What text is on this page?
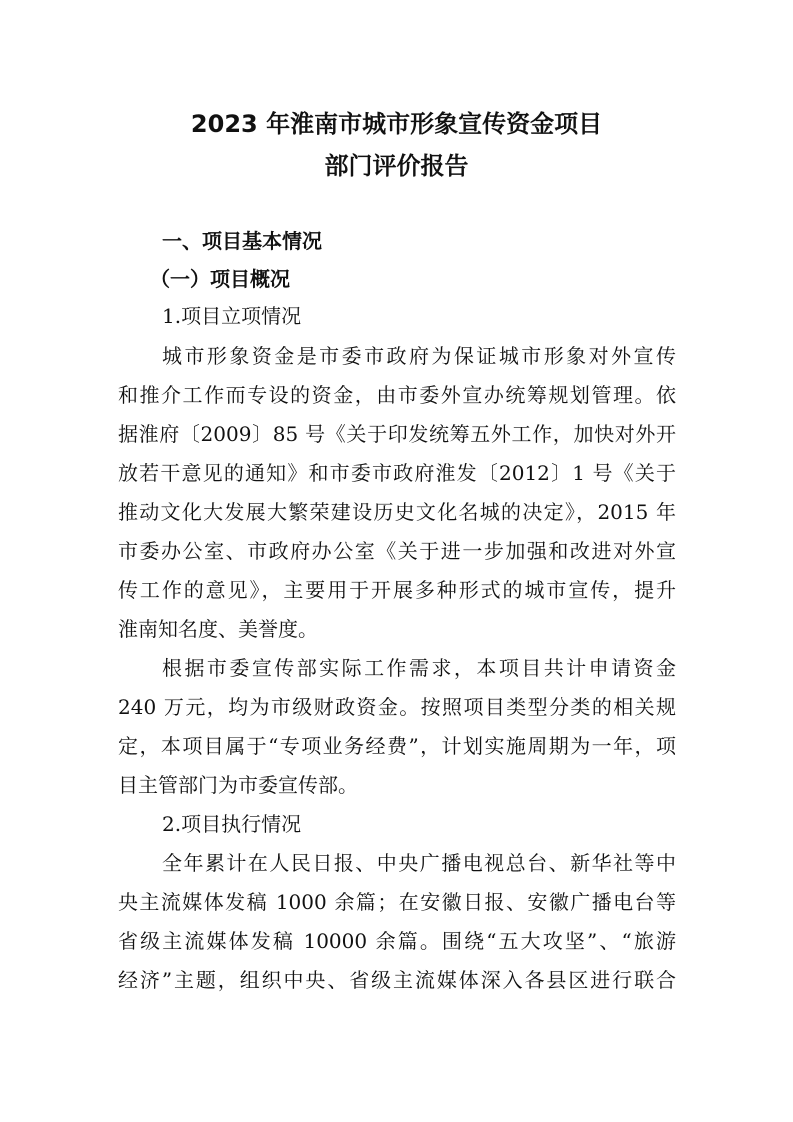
2023 年淮南市城市形象宣传资金项目
部门评价报告
一、项目基本情况
（一）项目概况
1.项目立项情况
城市形象资金是市委市政府为保证城市形象对外宣传
和推介工作而专设的资金，由市委外宣办统筹规划管理。依
据淮府〔2009〕85 号《关于印发统筹五外工作，加快对外开
放若干意见的通知》和市委市政府淮发〔2012〕1 号《关于
推动文化大发展大繁荣建设历史文化名城的决定》，2015 年
市委办公室、市政府办公室《关于进一步加强和改进对外宣
传工作的意见》，主要用于开展多种形式的城市宣传，提升
淮南知名度、美誉度。
根据市委宣传部实际工作需求，本项目共计申请资金
240 万元，均为市级财政资金。按照项目类型分类的相关规
定，本项目属于“专项业务经费”，计划实施周期为一年，项
目主管部门为市委宣传部。
2.项目执行情况
全年累计在人民日报、中央广播电视总台、新华社等中
央主流媒体发稿 1000 余篇；在安徽日报、安徽广播电台等
省级主流媒体发稿 10000 余篇。围绕“五大攻坚”、“旅游
经济”主题，组织中央、省级主流媒体深入各县区进行联合
